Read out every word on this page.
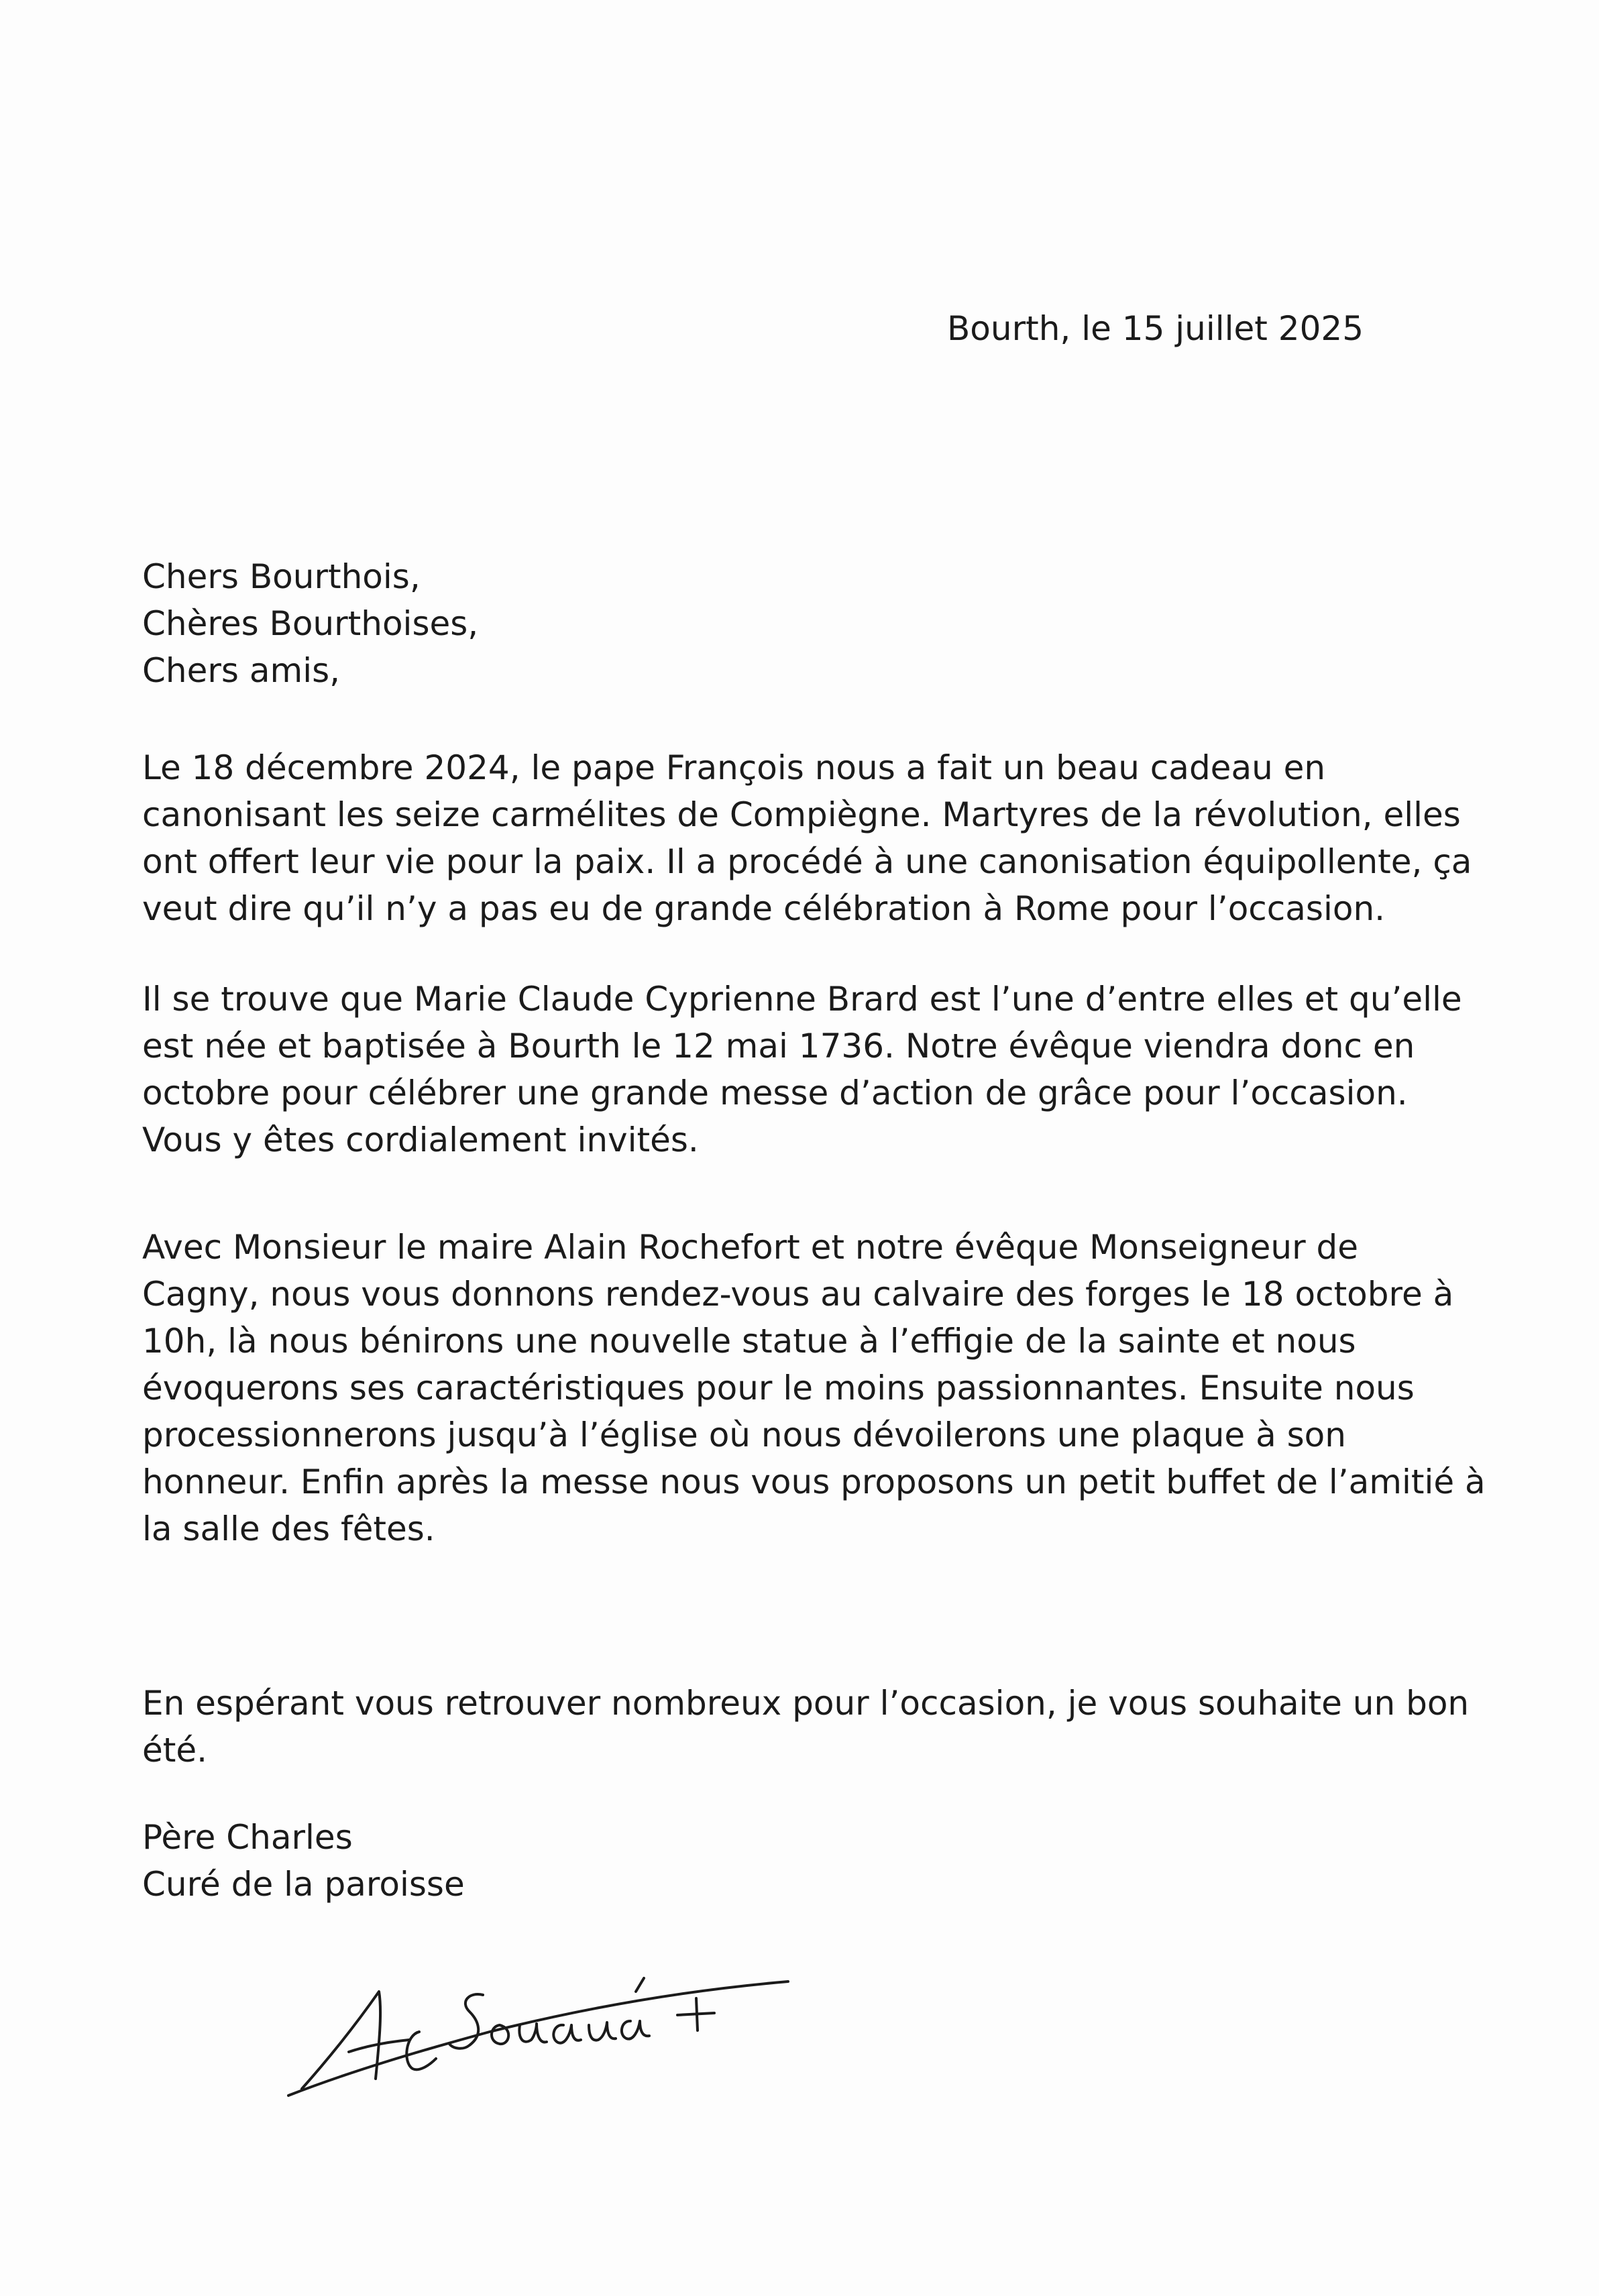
Bourth, le 15 juillet 2025
Chers Bourthois,
Chères Bourthoises,
Chers amis,
Le 18 décembre 2024, le pape François nous a fait un beau cadeau en
canonisant les seize carmélites de Compiègne. Martyres de la révolution, elles
ont offert leur vie pour la paix. Il a procédé à une canonisation équipollente, ça
veut dire qu’il n’y a pas eu de grande célébration à Rome pour l’occasion.
Il se trouve que Marie Claude Cyprienne Brard est l’une d’entre elles et qu’elle
est née et baptisée à Bourth le 12 mai 1736. Notre évêque viendra donc en
octobre pour célébrer une grande messe d’action de grâce pour l’occasion.
Vous y êtes cordialement invités.
Avec Monsieur le maire Alain Rochefort et notre évêque Monseigneur de
Cagny, nous vous donnons rendez-vous au calvaire des forges le 18 octobre à
10h, là nous bénirons une nouvelle statue à l’effigie de la sainte et nous
évoquerons ses caractéristiques pour le moins passionnantes. Ensuite nous
processionnerons jusqu’à l’église où nous dévoilerons une plaque à son
honneur. Enfin après la messe nous vous proposons un petit buffet de l’amitié à
la salle des fêtes.
En espérant vous retrouver nombreux pour l’occasion, je vous souhaite un bon
été.
Père Charles
Curé de la paroisse
